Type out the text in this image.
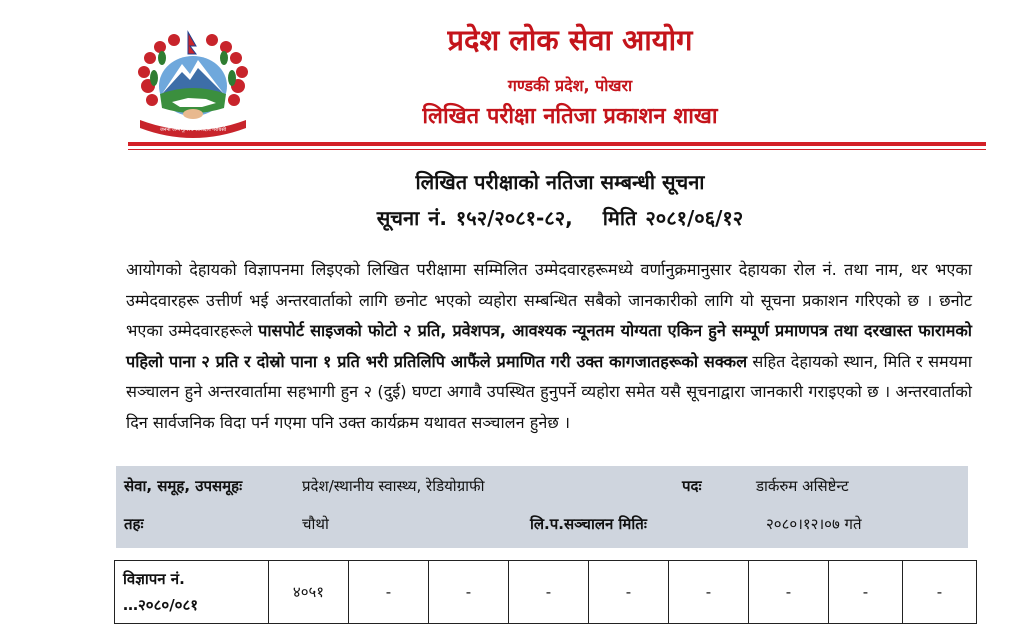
जननी जन्मभूमिश्च स्वर्गादपि गरीयसी
प्रदेश लोक सेवा आयोग
गण्डकी प्रदेश, पोखरा
लिखित परीक्षा नतिजा प्रकाशन शाखा
लिखित परीक्षाको नतिजा सम्बन्धी सूचना
सूचना नं. १५२/२०८१-८२, मिति २०८१/०६/१२
आयोगको देहायको विज्ञापनमा लिइएको लिखित परीक्षामा सम्मिलित उम्मेदवारहरूमध्ये वर्णानुक्रमानुसार देहायका रोल नं. तथा नाम, थर भएका उम्मेदवारहरू उत्तीर्ण भई अन्तरवार्ताको लागि छनोट भएको व्यहोरा सम्बन्धित सबैको जानकारीको लागि यो सूचना प्रकाशन गरिएको छ । छनोट भएका उम्मेदवारहरूले पासपोर्ट साइजको फोटो २ प्रति, प्रवेशपत्र, आवश्यक न्यूनतम योग्यता एकिन हुने सम्पूर्ण प्रमाणपत्र तथा दरखास्त फारामको पहिलो पाना २ प्रति र दोस्रो पाना १ प्रति भरी प्रतिलिपि आफैंले प्रमाणित गरी उक्त कागजातहरूको सक्कल सहित देहायको स्थान, मिति र समयमा सञ्चालन हुने अन्तरवार्तामा सहभागी हुन २ (दुई) घण्टा अगावै उपस्थित हुनुपर्ने व्यहोरा समेत यसै सूचनाद्वारा जानकारी गराइएको छ । अन्तरवार्ताको दिन सार्वजनिक विदा पर्न गएमा पनि उक्त कार्यक्रम यथावत सञ्चालन हुनेछ ।
सेवा, समूह, उपसमूहः	प्रदेश/स्थानीय स्वास्थ्य, रेडियोग्राफी	पदः	डार्करुम असिष्टेन्ट
तहः	चौथो	लि.प.सञ्चालन मितिः	२०८०।१२।०७ गते
विज्ञापन नं.
…२०८०/०८१
	४०५१	-	-	-	-	-	-	-	-
